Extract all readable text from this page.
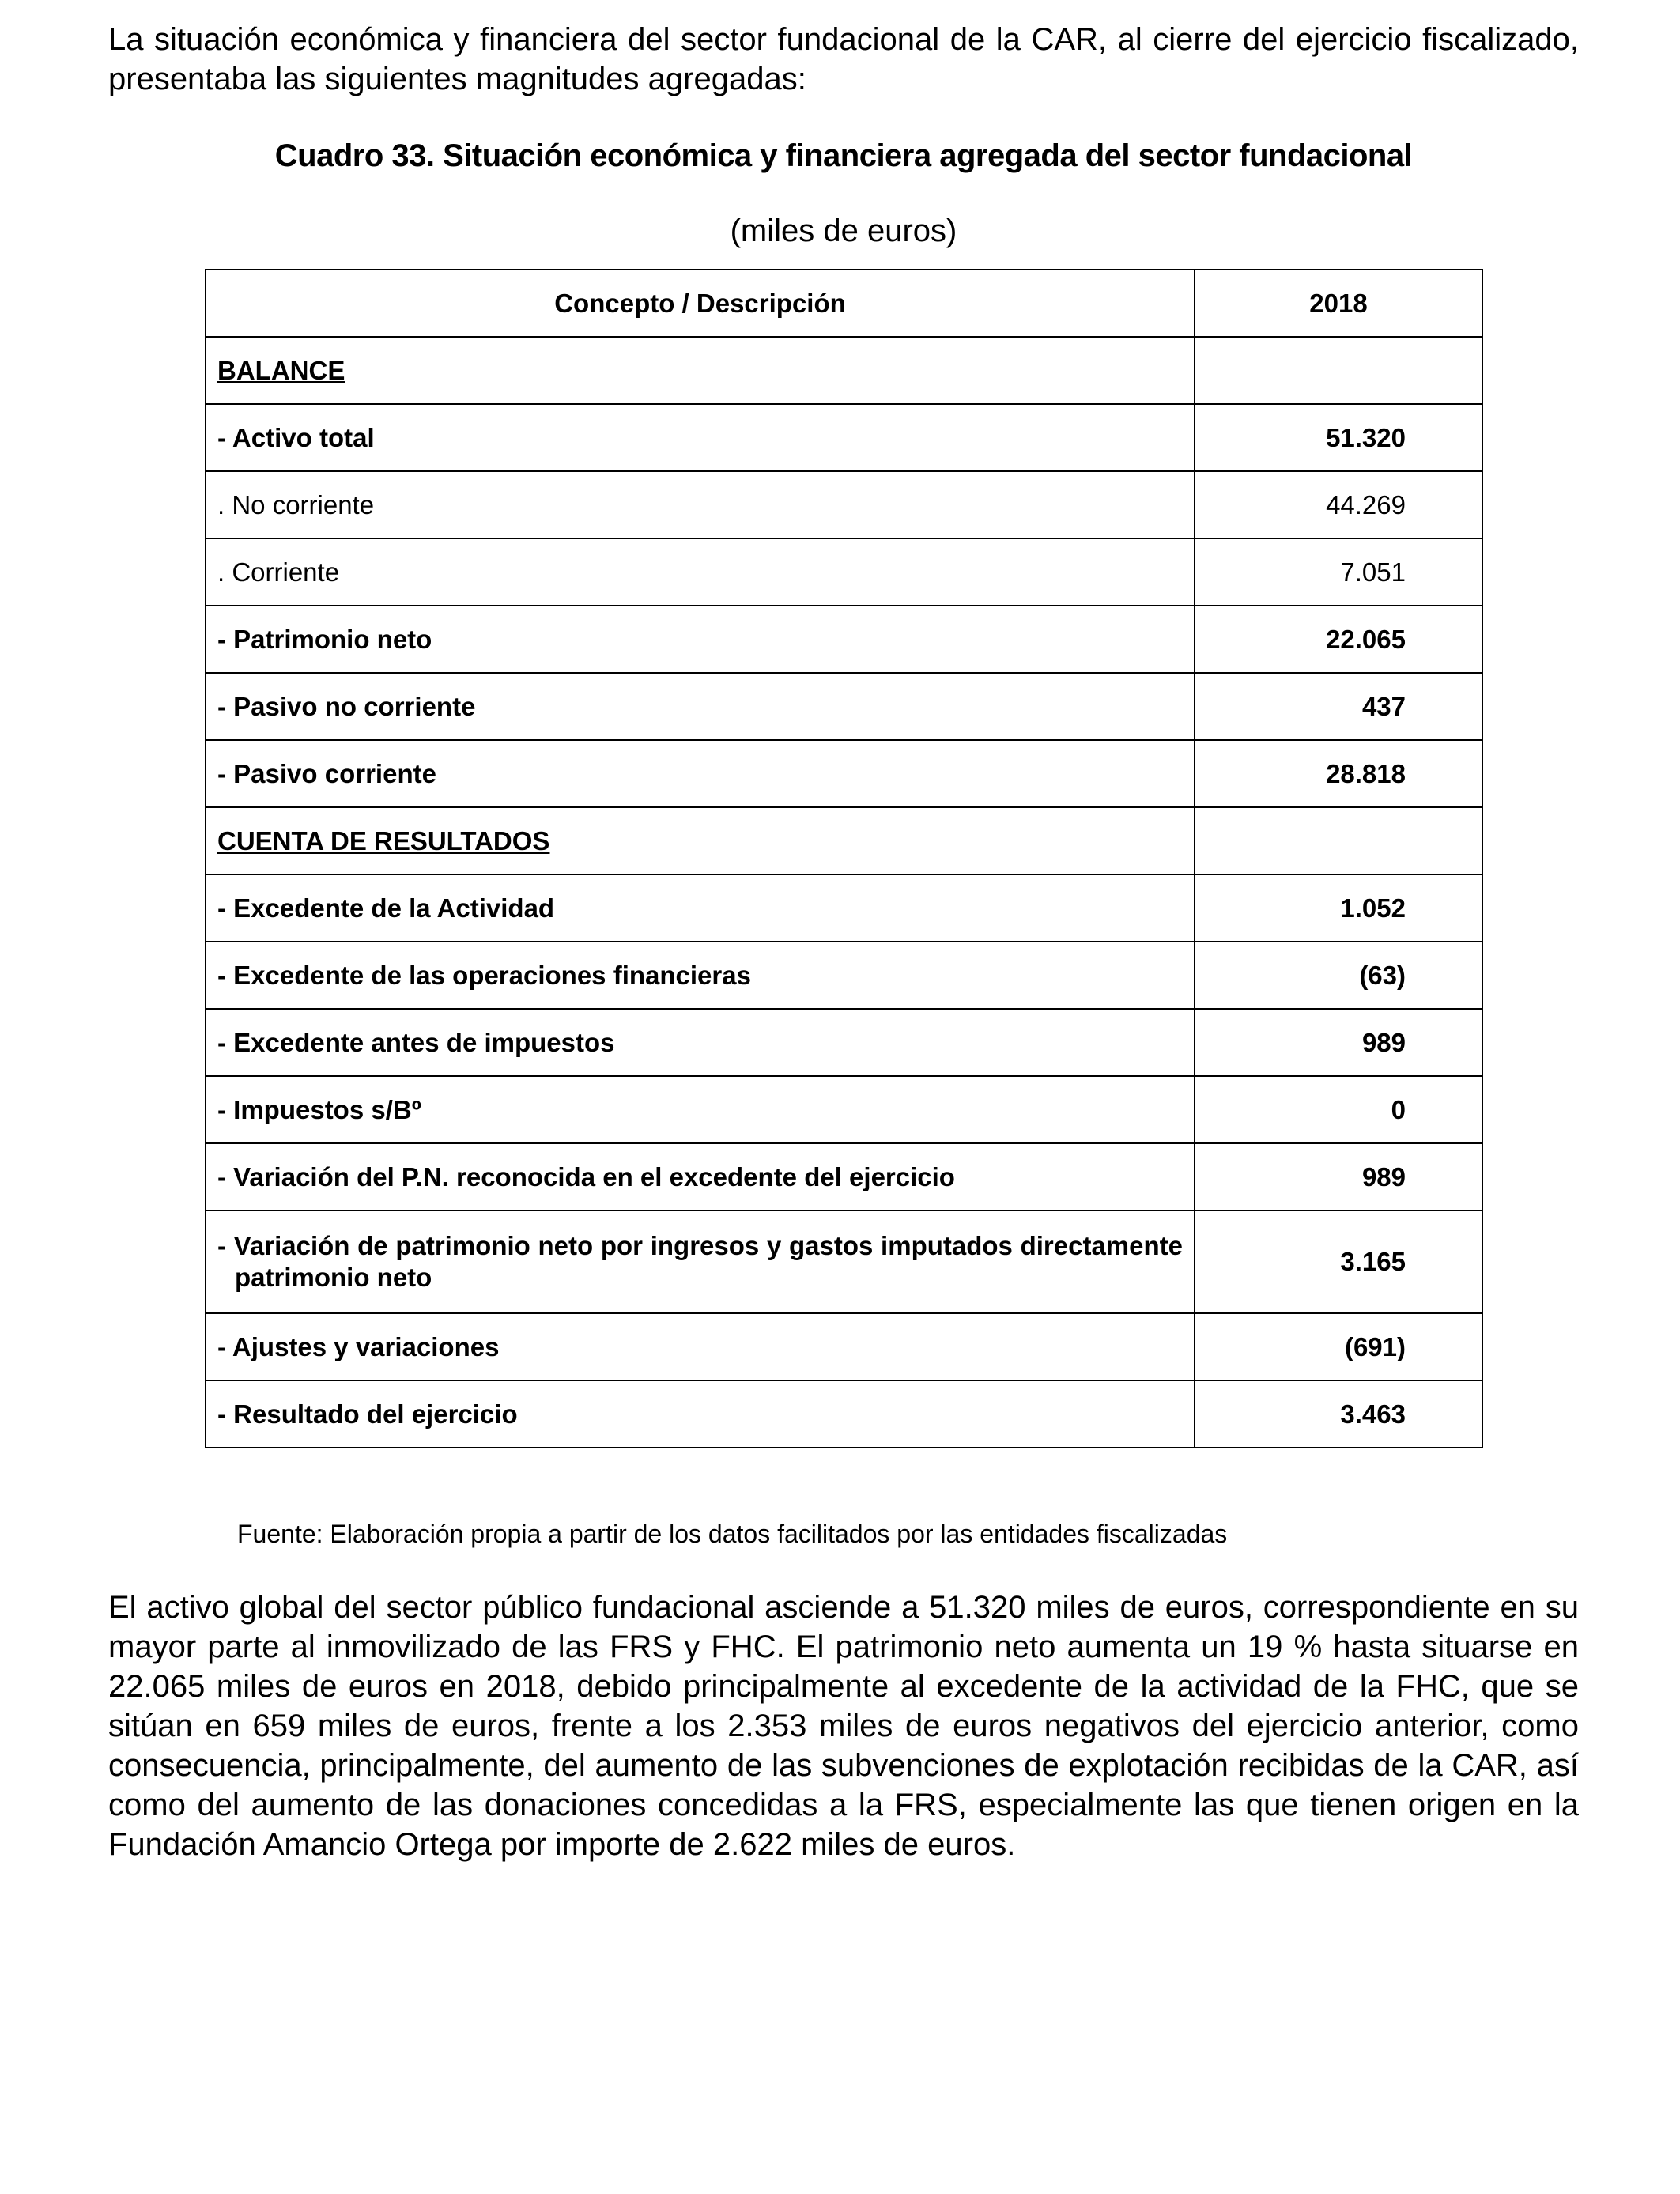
La situación económica y financiera del sector fundacional de la CAR, al cierre del ejercicio fiscalizado, presentaba las siguientes magnitudes agregadas:

Cuadro 33. Situación económica y financiera agregada del sector fundacional

(miles de euros)

Concepto / Descripción	2018
BALANCE	
- Activo total	51.320
. No corriente	44.269
. Corriente	7.051
- Patrimonio neto	22.065
- Pasivo no corriente	437
- Pasivo corriente	28.818
CUENTA DE RESULTADOS	
- Excedente de la Actividad	1.052
- Excedente de las operaciones financieras	(63)
- Excedente antes de impuestos	989
- Impuestos s/Bº	0
- Variación del P.N. reconocida en el excedente del ejercicio	989

- Variación de patrimonio neto por ingresos y gastos imputados directamente patrimonio neto	3.165
- Ajustes y variaciones	(691)
- Resultado del ejercicio	3.463

Fuente: Elaboración propia a partir de los datos facilitados por las entidades fiscalizadas

El activo global del sector público fundacional asciende a 51.320 miles de euros, correspondiente en su mayor parte al inmovilizado de las FRS y FHC. El patrimonio neto aumenta un 19 % hasta situarse en 22.065 miles de euros en 2018, debido principalmente al excedente de la actividad de la FHC, que se sitúan en 659 miles de euros, frente a los 2.353 miles de euros negativos del ejercicio anterior, como consecuencia, principalmente, del aumento de las subvenciones de explotación recibidas de la CAR, así como del aumento de las donaciones concedidas a la FRS, especialmente las que tienen origen en la Fundación Amancio Ortega por importe de 2.622 miles de euros.
